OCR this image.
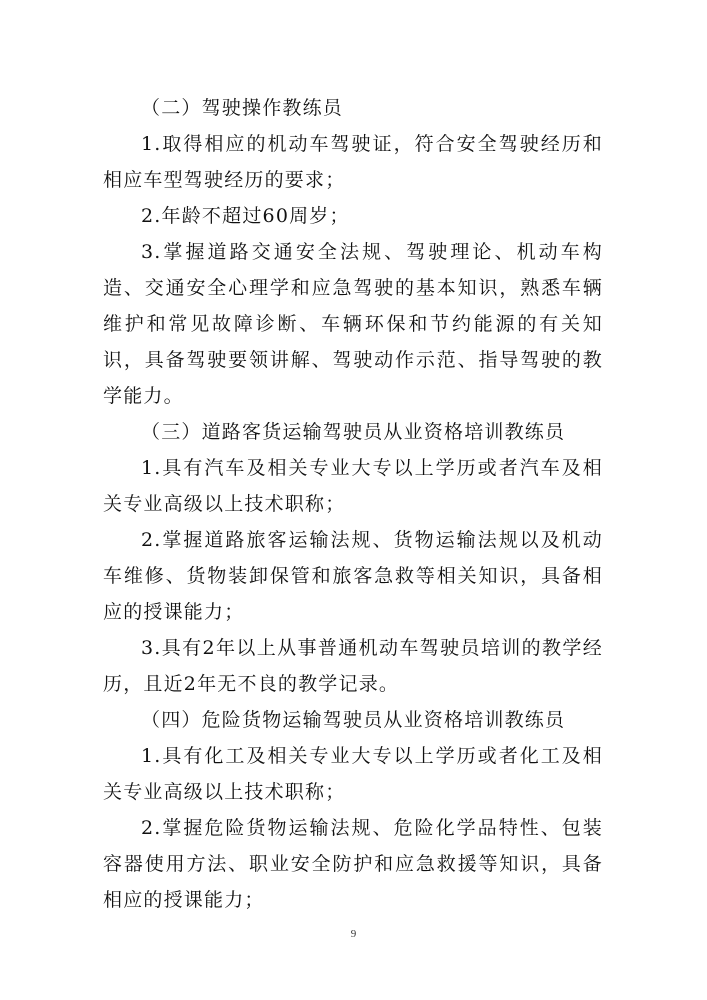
（二）驾驶操作教练员

1.取得相应的机动车驾驶证，符合安全驾驶经历和相应车型驾驶经历的要求；

2.年龄不超过60周岁；

3.掌握道路交通安全法规、驾驶理论、机动车构造、交通安全心理学和应急驾驶的基本知识，熟悉车辆维护和常见故障诊断、车辆环保和节约能源的有关知识，具备驾驶要领讲解、驾驶动作示范、指导驾驶的教学能力。

（三）道路客货运输驾驶员从业资格培训教练员

1.具有汽车及相关专业大专以上学历或者汽车及相关专业高级以上技术职称；

2.掌握道路旅客运输法规、货物运输法规以及机动车维修、货物装卸保管和旅客急救等相关知识，具备相应的授课能力；

3.具有2年以上从事普通机动车驾驶员培训的教学经历，且近2年无不良的教学记录。

（四）危险货物运输驾驶员从业资格培训教练员

1.具有化工及相关专业大专以上学历或者化工及相关专业高级以上技术职称；

2.掌握危险货物运输法规、危险化学品特性、包装容器使用方法、职业安全防护和应急救援等知识，具备相应的授课能力；

9
